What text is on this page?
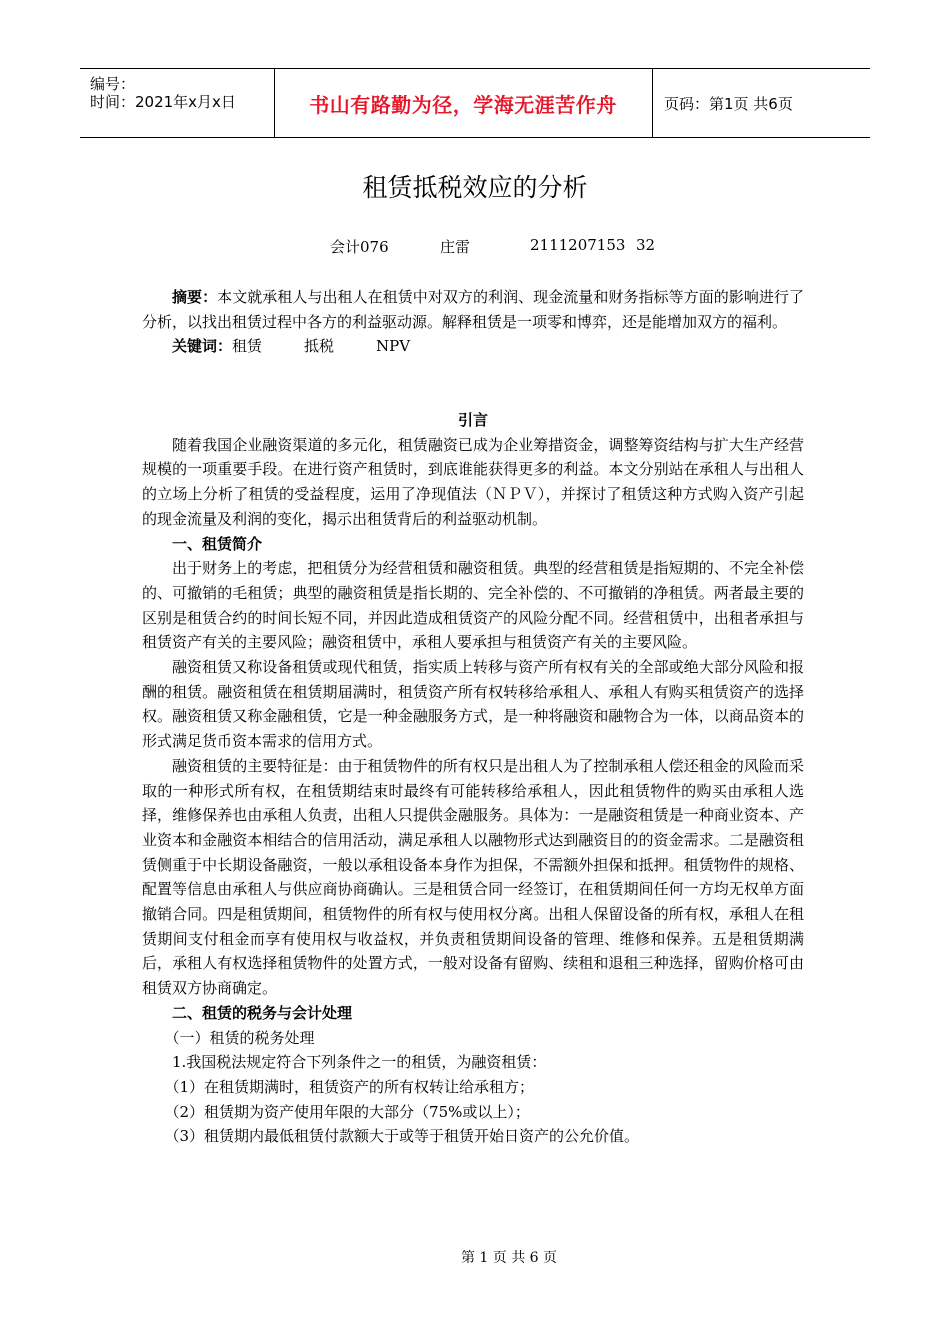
编号：
时间：2021年x月x日	书山有路勤为径，学海无涯苦作舟	页码：第1页 共6页
租赁抵税效应的分析
会计076	庄雷	2111207153 32

摘要：本文就承租人与出租人在租赁中对双方的利润、现金流量和财务指标等方面的影响进行了分析，以找出租赁过程中各方的利益驱动源。解释租赁是一项零和博弈，还是能增加双方的福利。

关键词：租赁	抵税	NPV

引言

随着我国企业融资渠道的多元化，租赁融资已成为企业筹措资金，调整筹资结构与扩大生产经营规模的一项重要手段。在进行资产租赁时，到底谁能获得更多的利益。本文分别站在承租人与出租人的立场上分析了租赁的受益程度，运用了净现值法（ＮＰＶ），并探讨了租赁这种方式购入资产引起的现金流量及利润的变化，揭示出租赁背后的利益驱动机制。

一、租赁简介

出于财务上的考虑，把租赁分为经营租赁和融资租赁。典型的经营租赁是指短期的、不完全补偿的、可撤销的毛租赁；典型的融资租赁是指长期的、完全补偿的、不可撤销的净租赁。两者最主要的区别是租赁合约的时间长短不同，并因此造成租赁资产的风险分配不同。经营租赁中，出租者承担与租赁资产有关的主要风险；融资租赁中，承租人要承担与租赁资产有关的主要风险。

融资租赁又称设备租赁或现代租赁，指实质上转移与资产所有权有关的全部或绝大部分风险和报酬的租赁。融资租赁在租赁期届满时，租赁资产所有权转移给承租人、承租人有购买租赁资产的选择权。融资租赁又称金融租赁，它是一种金融服务方式，是一种将融资和融物合为一体，以商品资本的形式满足货币资本需求的信用方式。

融资租赁的主要特征是：由于租赁物件的所有权只是出租人为了控制承租人偿还租金的风险而采取的一种形式所有权，在租赁期结束时最终有可能转移给承租人，因此租赁物件的购买由承租人选择，维修保养也由承租人负责，出租人只提供金融服务。具体为：一是融资租赁是一种商业资本、产业资本和金融资本相结合的信用活动，满足承租人以融物形式达到融资目的的资金需求。二是融资租赁侧重于中长期设备融资，一般以承租设备本身作为担保，不需额外担保和抵押。租赁物件的规格、配置等信息由承租人与供应商协商确认。三是租赁合同一经签订，在租赁期间任何一方均无权单方面撤销合同。四是租赁期间，租赁物件的所有权与使用权分离。出租人保留设备的所有权，承租人在租赁期间支付租金而享有使用权与收益权，并负责租赁期间设备的管理、维修和保养。五是租赁期满后，承租人有权选择租赁物件的处置方式，一般对设备有留购、续租和退租三种选择，留购价格可由租赁双方协商确定。

二、租赁的税务与会计处理

（一）租赁的税务处理

1.我国税法规定符合下列条件之一的租赁，为融资租赁：

（1）在租赁期满时，租赁资产的所有权转让给承租方；

（2）租赁期为资产使用年限的大部分（75%或以上）；

（3）租赁期内最低租赁付款额大于或等于租赁开始日资产的公允价值。

第 1 页 共 6 页
